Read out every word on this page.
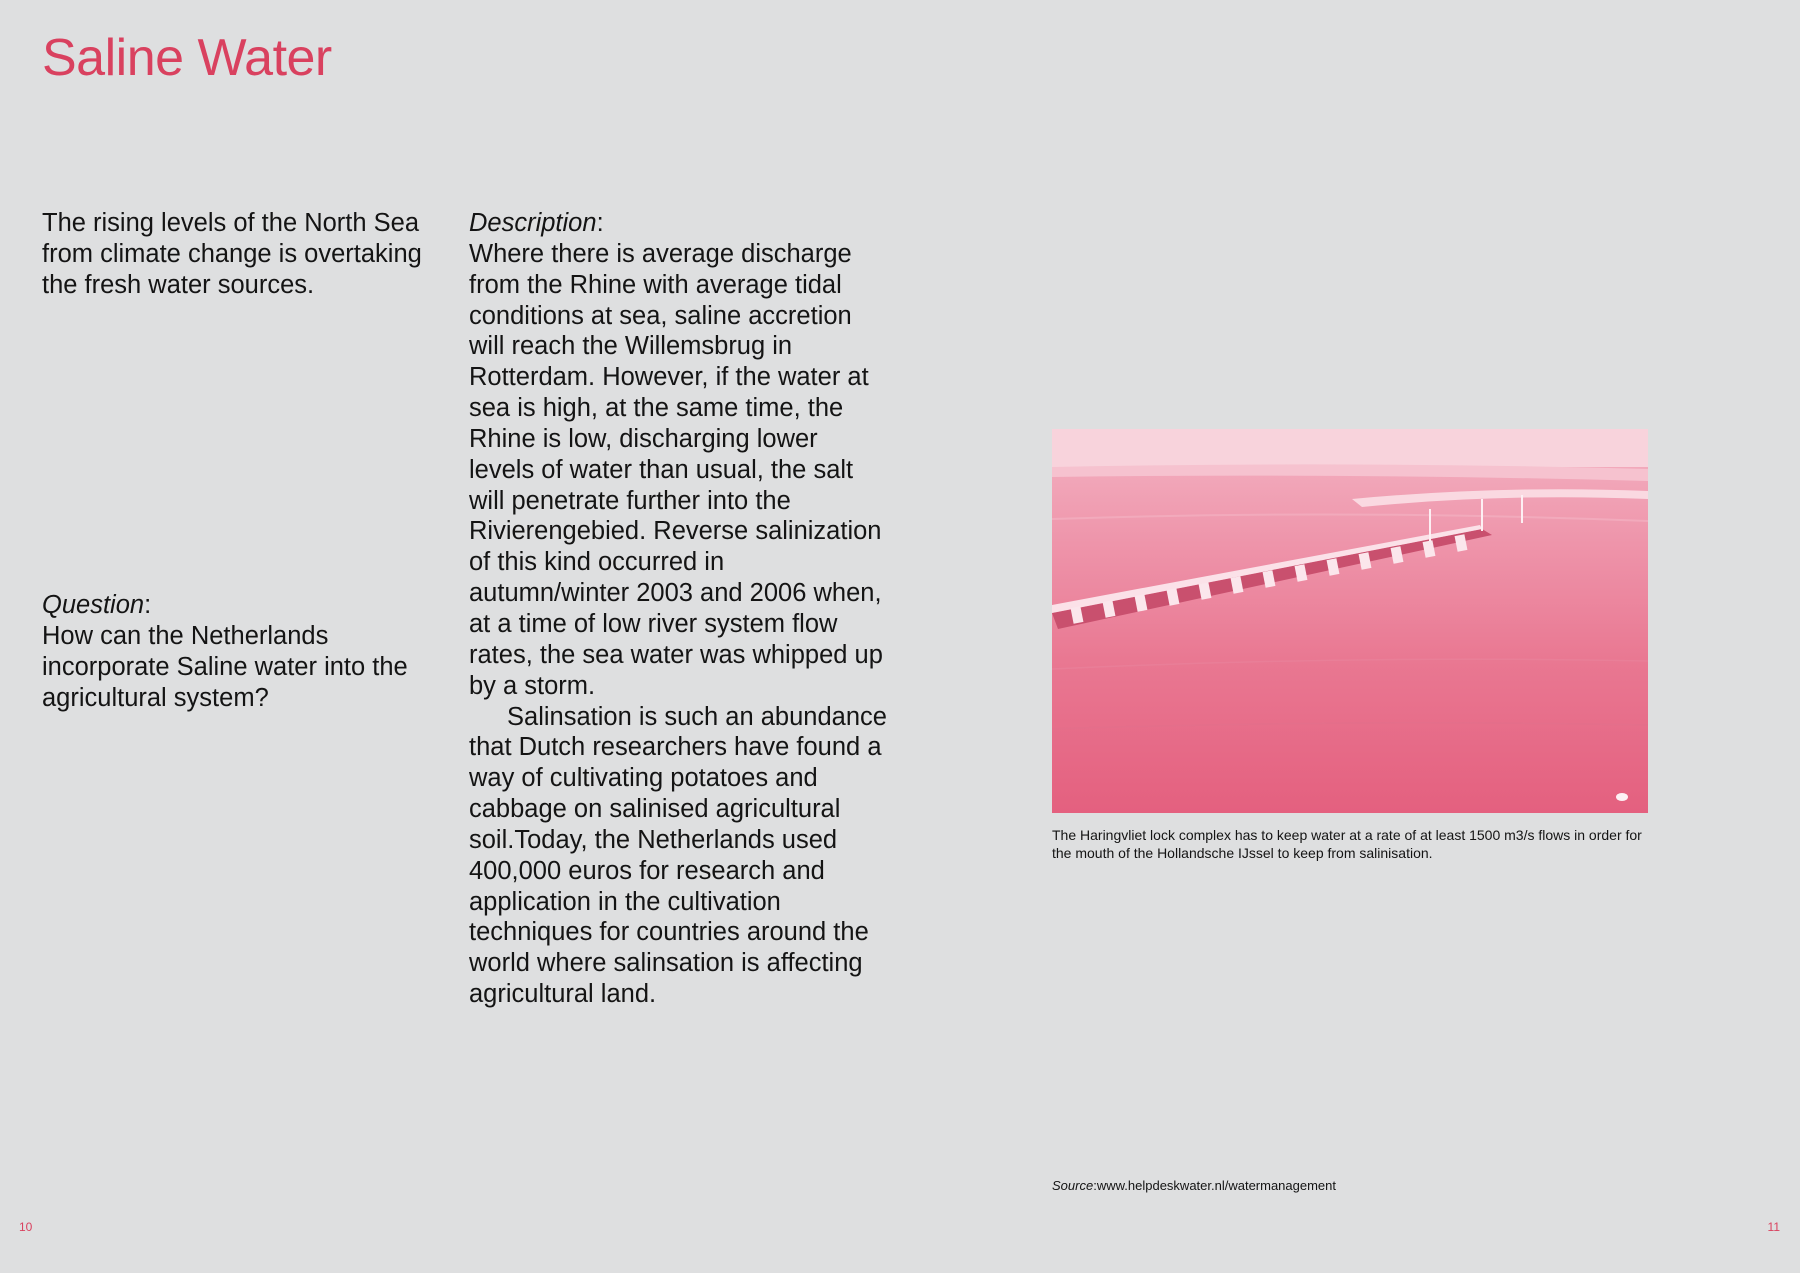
Saline Water

The rising levels of the North Sea from climate change is overtaking the fresh water sources.

Question:
How can the Netherlands incorporate Saline water into the agricultural system?

Description:
Where there is average discharge from the Rhine with average tidal conditions at sea, saline accretion will reach the Willemsbrug in Rotterdam. However, if the water at sea is high, at the same time, the Rhine is low, discharging lower levels of water than usual, the salt will penetrate further into the Rivierengebied. Reverse salinization of this kind occurred in autumn/winter 2003 and 2006 when, at a time of low river system flow rates, the sea water was whipped up by a storm.
Salinsation is such an abundance that Dutch researchers have found a way of cultivating potatoes and cabbage on salinised agricultural soil.Today, the Netherlands used 400,000 euros for research and application in the cultivation techniques for countries around the world where salinsation is affecting agricultural land.

The Haringvliet lock complex has to keep water at a rate of at least 1500 m3/s flows in order for the mouth of the Hollandsche IJssel to keep from salinisation.

Source:www.helpdeskwater.nl/watermanagement

10	11
